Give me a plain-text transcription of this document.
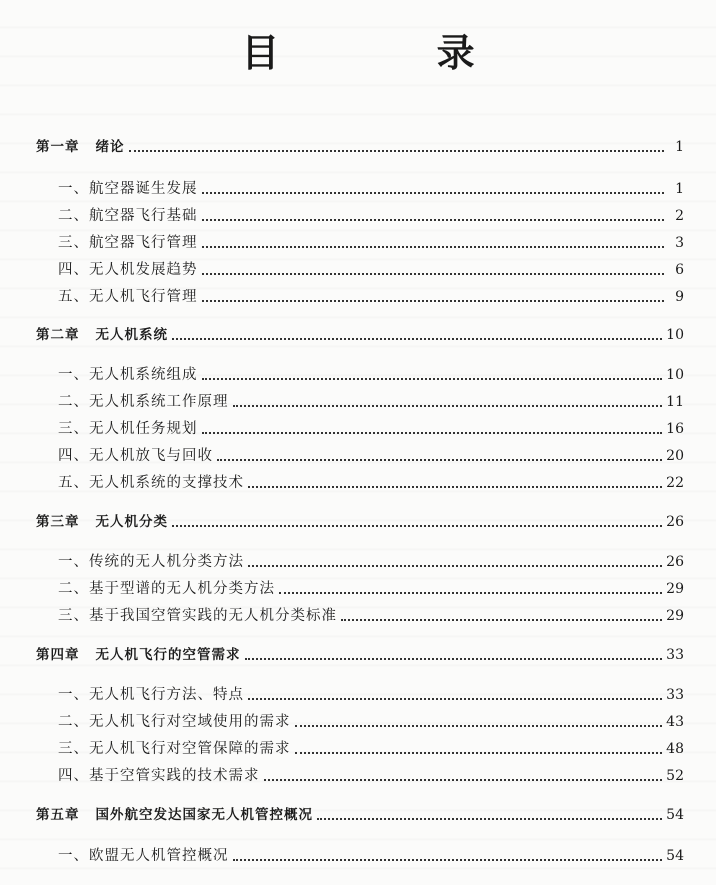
目 录
第一章 绪论	1
一、航空器诞生发展	1
二、航空器飞行基础	2
三、航空器飞行管理	3
四、无人机发展趋势	6
五、无人机飞行管理	9
第二章 无人机系统	10
一、无人机系统组成	10
二、无人机系统工作原理	11
三、无人机任务规划	16
四、无人机放飞与回收	20
五、无人机系统的支撑技术	22
第三章 无人机分类	26
一、传统的无人机分类方法	26
二、基于型谱的无人机分类方法	29
三、基于我国空管实践的无人机分类标准	29
第四章 无人机飞行的空管需求	33
一、无人机飞行方法、特点	33
二、无人机飞行对空域使用的需求	43
三、无人机飞行对空管保障的需求	48
四、基于空管实践的技术需求	52
第五章 国外航空发达国家无人机管控概况	54
一、欧盟无人机管控概况	54
